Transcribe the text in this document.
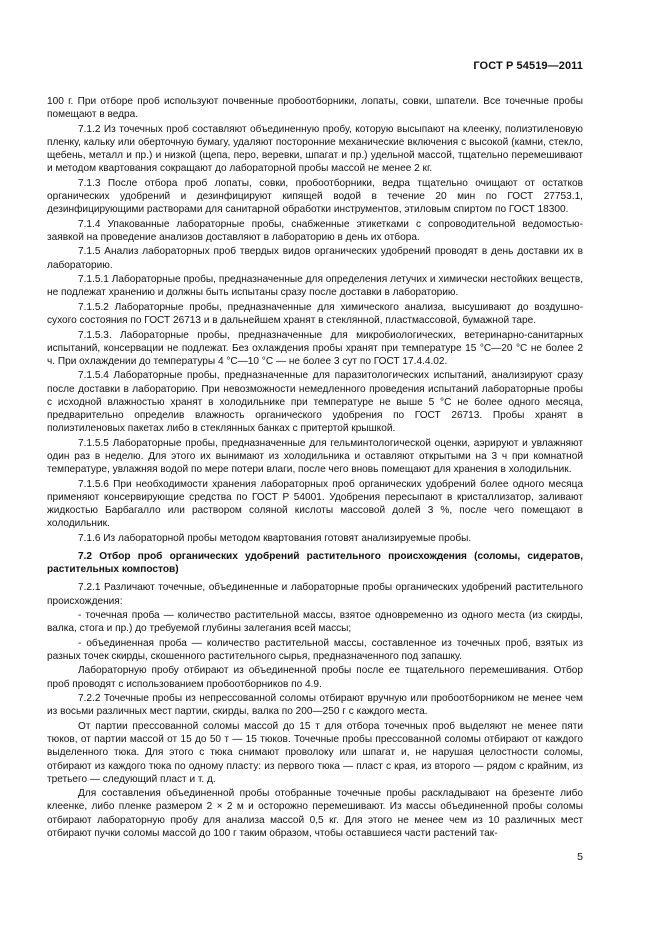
ГОСТ Р 54519—2011

100 г. При отборе проб используют почвенные пробоотборники, лопаты, совки, шпатели. Все точечные пробы помещают в ведра.

7.1.2 Из точечных проб составляют объединенную пробу, которую высыпают на клеенку, полиэтиленовую пленку, кальку или оберточную бумагу, удаляют посторонние механические включения с высокой (камни, стекло, щебень, металл и пр.) и низкой (щепа, перо, веревки, шпагат и пр.) удельной массой, тщательно перемешивают и методом квартования сокращают до лабораторной пробы массой не менее 2 кг.

7.1.3 После отбора проб лопаты, совки, пробоотборники, ведра тщательно очищают от остатков органических удобрений и дезинфицируют кипящей водой в течение 20 мин по ГОСТ 27753.1, дезинфицирующими растворами для санитарной обработки инструментов, этиловым спиртом по ГОСТ 18300.

7.1.4 Упакованные лабораторные пробы, снабженные этикетками с сопроводительной ведомостью-заявкой на проведение анализов доставляют в лабораторию в день их отбора.

7.1.5 Анализ лабораторных проб твердых видов органических удобрений проводят в день доставки их в лабораторию.

7.1.5.1 Лабораторные пробы, предназначенные для определения летучих и химически нестойких веществ, не подлежат хранению и должны быть испытаны сразу после доставки в лабораторию.

7.1.5.2 Лабораторные пробы, предназначенные для химического анализа, высушивают до воздушно-сухого состояния по ГОСТ 26713 и в дальнейшем хранят в стеклянной, пластмассовой, бумажной таре.

7.1.5.3. Лабораторные пробы, предназначенные для микробиологических, ветеринарно-санитарных испытаний, консервации не подлежат. Без охлаждения пробы хранят при температуре 15 °С—20 °С не более 2 ч. При охлаждении до температуры 4 °С—10 °С — не более 3 сут по ГОСТ 17.4.4.02.

7.1.5.4 Лабораторные пробы, предназначенные для паразитологических испытаний, анализируют сразу после доставки в лабораторию. При невозможности немедленного проведения испытаний лабораторные пробы с исходной влажностью хранят в холодильнике при температуре не выше 5 °С не более одного месяца, предварительно определив влажность органического удобрения по ГОСТ 26713. Пробы хранят в полиэтиленовых пакетах либо в стеклянных банках с притертой крышкой.

7.1.5.5 Лабораторные пробы, предназначенные для гельминтологической оценки, аэрируют и увлажняют один раз в неделю. Для этого их вынимают из холодильника и оставляют открытыми на 3 ч при комнатной температуре, увлажняя водой по мере потери влаги, после чего вновь помещают для хранения в холодильник.

7.1.5.6 При необходимости хранения лабораторных проб органических удобрений более одного месяца применяют консервирующие средства по ГОСТ Р 54001. Удобрения пересыпают в кристаллизатор, заливают жидкостью Барбагалло или раствором соляной кислоты массовой долей 3 %, после чего помещают в холодильник.

7.1.6 Из лабораторной пробы методом квартования готовят анализируемые пробы.

7.2 Отбор проб органических удобрений растительного происхождения (соломы, сидератов, растительных компостов)

7.2.1 Различают точечные, объединенные и лабораторные пробы органических удобрений растительного происхождения:

- точечная проба — количество растительной массы, взятое одновременно из одного места (из скирды, валка, стога и пр.) до требуемой глубины залегания всей массы;

- объединенная проба — количество растительной массы, составленное из точечных проб, взятых из разных точек скирды, скошенного растительного сырья, предназначенного под запашку.

Лабораторную пробу отбирают из объединенной пробы после ее тщательного перемешивания. Отбор проб проводят с использованием пробоотборников по 4.9.

7.2.2 Точечные пробы из непрессованной соломы отбирают вручную или пробоотборником не менее чем из восьми различных мест партии, скирды, валка по 200—250 г с каждого места.

От партии прессованной соломы массой до 15 т для отбора точечных проб выделяют не менее пяти тюков, от партии массой от 15 до 50 т — 15 тюков. Точечные пробы прессованной соломы отбирают от каждого выделенного тюка. Для этого с тюка снимают проволоку или шпагат и, не нарушая целостности соломы, отбирают из каждого тюка по одному пласту: из первого тюка — пласт с края, из второго — рядом с крайним, из третьего — следующий пласт и т. д.

Для составления объединенной пробы отобранные точечные пробы раскладывают на брезенте либо клеенке, либо пленке размером 2 × 2 м и осторожно перемешивают. Из массы объединенной пробы соломы отбирают лабораторную пробу для анализа массой 0,5 кг. Для этого не менее чем из 10 различных мест отбирают пучки соломы массой до 100 г таким образом, чтобы оставшиеся части растений так-

5
